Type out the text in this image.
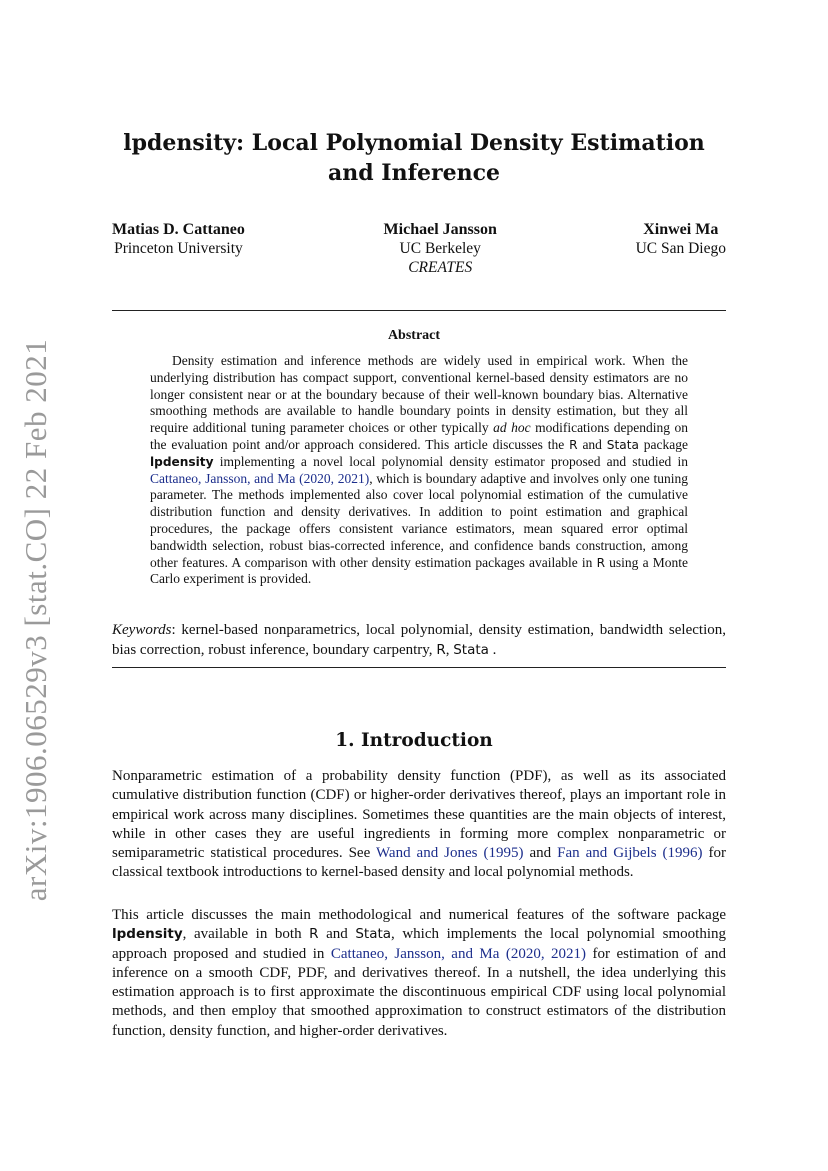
arXiv:1906.06529v3 [stat.CO] 22 Feb 2021
lpdensity: Local Polynomial Density Estimation
and Inference
Matias D. Cattaneo
Princeton University
Michael Jansson
UC Berkeley
CREATES
Xinwei Ma
UC San Diego
Abstract
Density estimation and inference methods are widely used in empirical work. When the underlying distribution has compact support, conventional kernel-based density estimators are no longer consistent near or at the boundary because of their well-known boundary bias. Alternative smoothing methods are available to handle boundary points in density estimation, but they all require additional tuning parameter choices or other typically ad hoc modifications depending on the evaluation point and/or approach considered. This article discusses the R and Stata package lpdensity implementing a novel local polynomial density estimator proposed and studied in Cattaneo, Jansson, and Ma (2020, 2021), which is boundary adaptive and involves only one tuning parameter. The methods implemented also cover local polynomial estimation of the cumulative distribution function and density derivatives. In addition to point estimation and graphical procedures, the package offers consistent variance estimators, mean squared error optimal bandwidth selection, robust bias-corrected inference, and confidence bands construction, among other features. A comparison with other density estimation packages available in R using a Monte Carlo experiment is provided.
Keywords: kernel-based nonparametrics, local polynomial, density estimation, bandwidth selection, bias correction, robust inference, boundary carpentry, R, Stata .
1. Introduction
Nonparametric estimation of a probability density function (PDF), as well as its associated cumulative distribution function (CDF) or higher-order derivatives thereof, plays an important role in empirical work across many disciplines. Sometimes these quantities are the main objects of interest, while in other cases they are useful ingredients in forming more complex nonparametric or semiparametric statistical procedures. See Wand and Jones (1995) and Fan and Gijbels (1996) for classical textbook introductions to kernel-based density and local polynomial methods.
This article discusses the main methodological and numerical features of the software package lpdensity, available in both R and Stata, which implements the local polynomial smoothing approach proposed and studied in Cattaneo, Jansson, and Ma (2020, 2021) for estimation of and inference on a smooth CDF, PDF, and derivatives thereof. In a nutshell, the idea underlying this estimation approach is to first approximate the discontinuous empirical CDF using local polynomial methods, and then employ that smoothed approximation to construct estimators of the distribution function, density function, and higher-order derivatives.
